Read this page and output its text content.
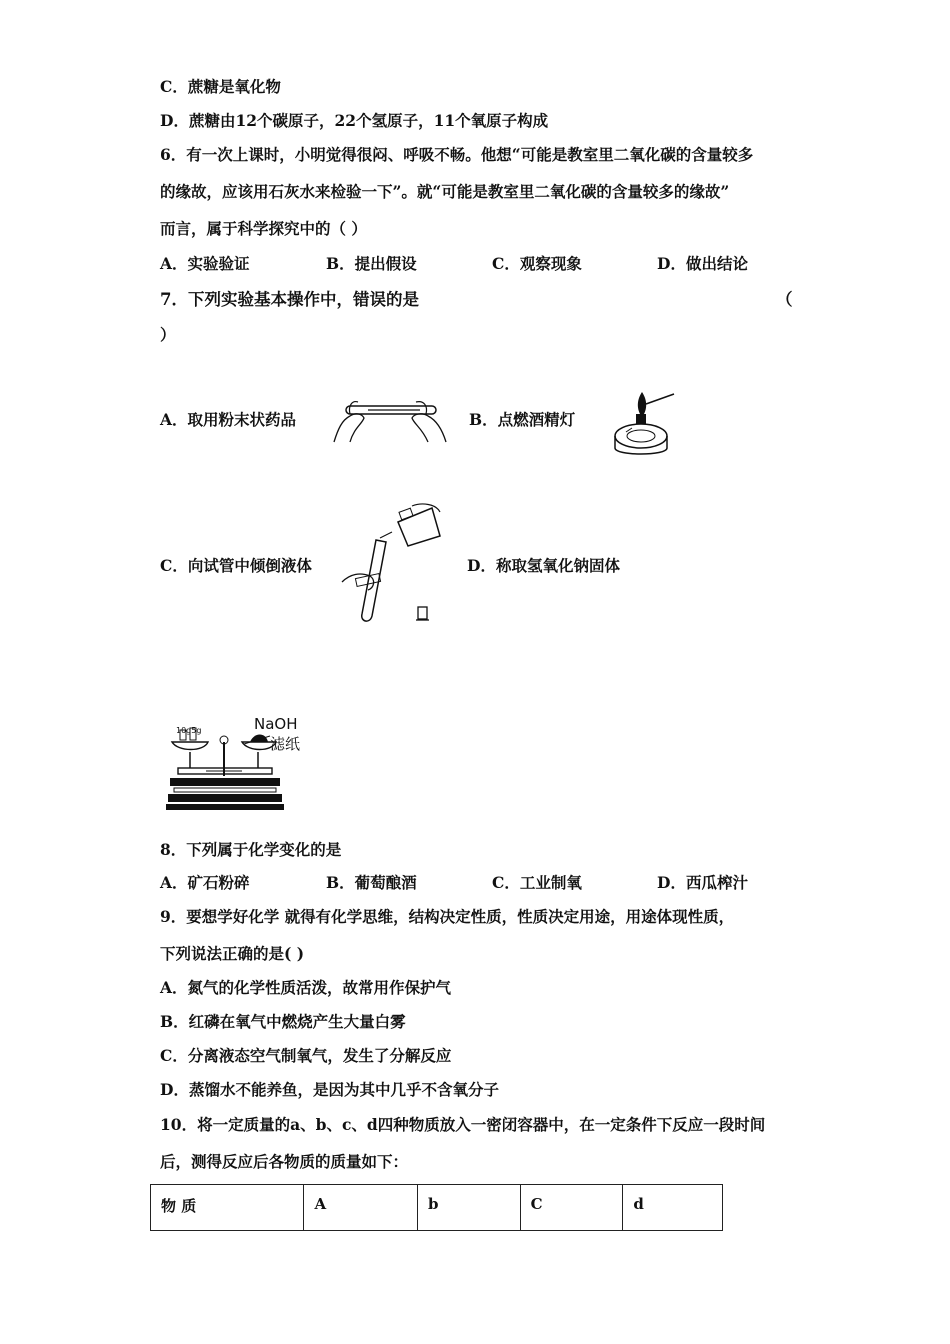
C．蔗糖是氧化物
D．蔗糖由12个碳原子，22个氢原子，11个氧原子构成
6．有一次上课时，小明觉得很闷、呼吸不畅。他想“可能是教室里二氧化碳的含量较多
的缘故，应该用石灰水来检验一下”。就“可能是教室里二氧化碳的含量较多的缘故”
而言，属于科学探究中的（ ）
A．实验验证	B．提出假设	C．观察现象	D．做出结论
7．下列实验基本操作中，错误的是	（
）
A．取用粉末状药品	B．点燃酒精灯
C．向试管中倾倒液体	D．称取氢氧化钠固体
10g5g	NaOH
滤纸
8．下列属于化学变化的是
A．矿石粉碎	B．葡萄酿酒	C．工业制氧	D．西瓜榨汁
9．要想学好化学 就得有化学思维，结构决定性质，性质决定用途，用途体现性质，
下列说法正确的是( )
A．氮气的化学性质活泼，故常用作保护气
B．红磷在氧气中燃烧产生大量白雾
C．分离液态空气制氧气，发生了分解反应
D．蒸馏水不能养鱼，是因为其中几乎不含氧分子
10．将一定质量的a、b、c、d四种物质放入一密闭容器中，在一定条件下反应一段时间
后，测得反应后各物质的质量如下：
物 质	A	b	C	d
